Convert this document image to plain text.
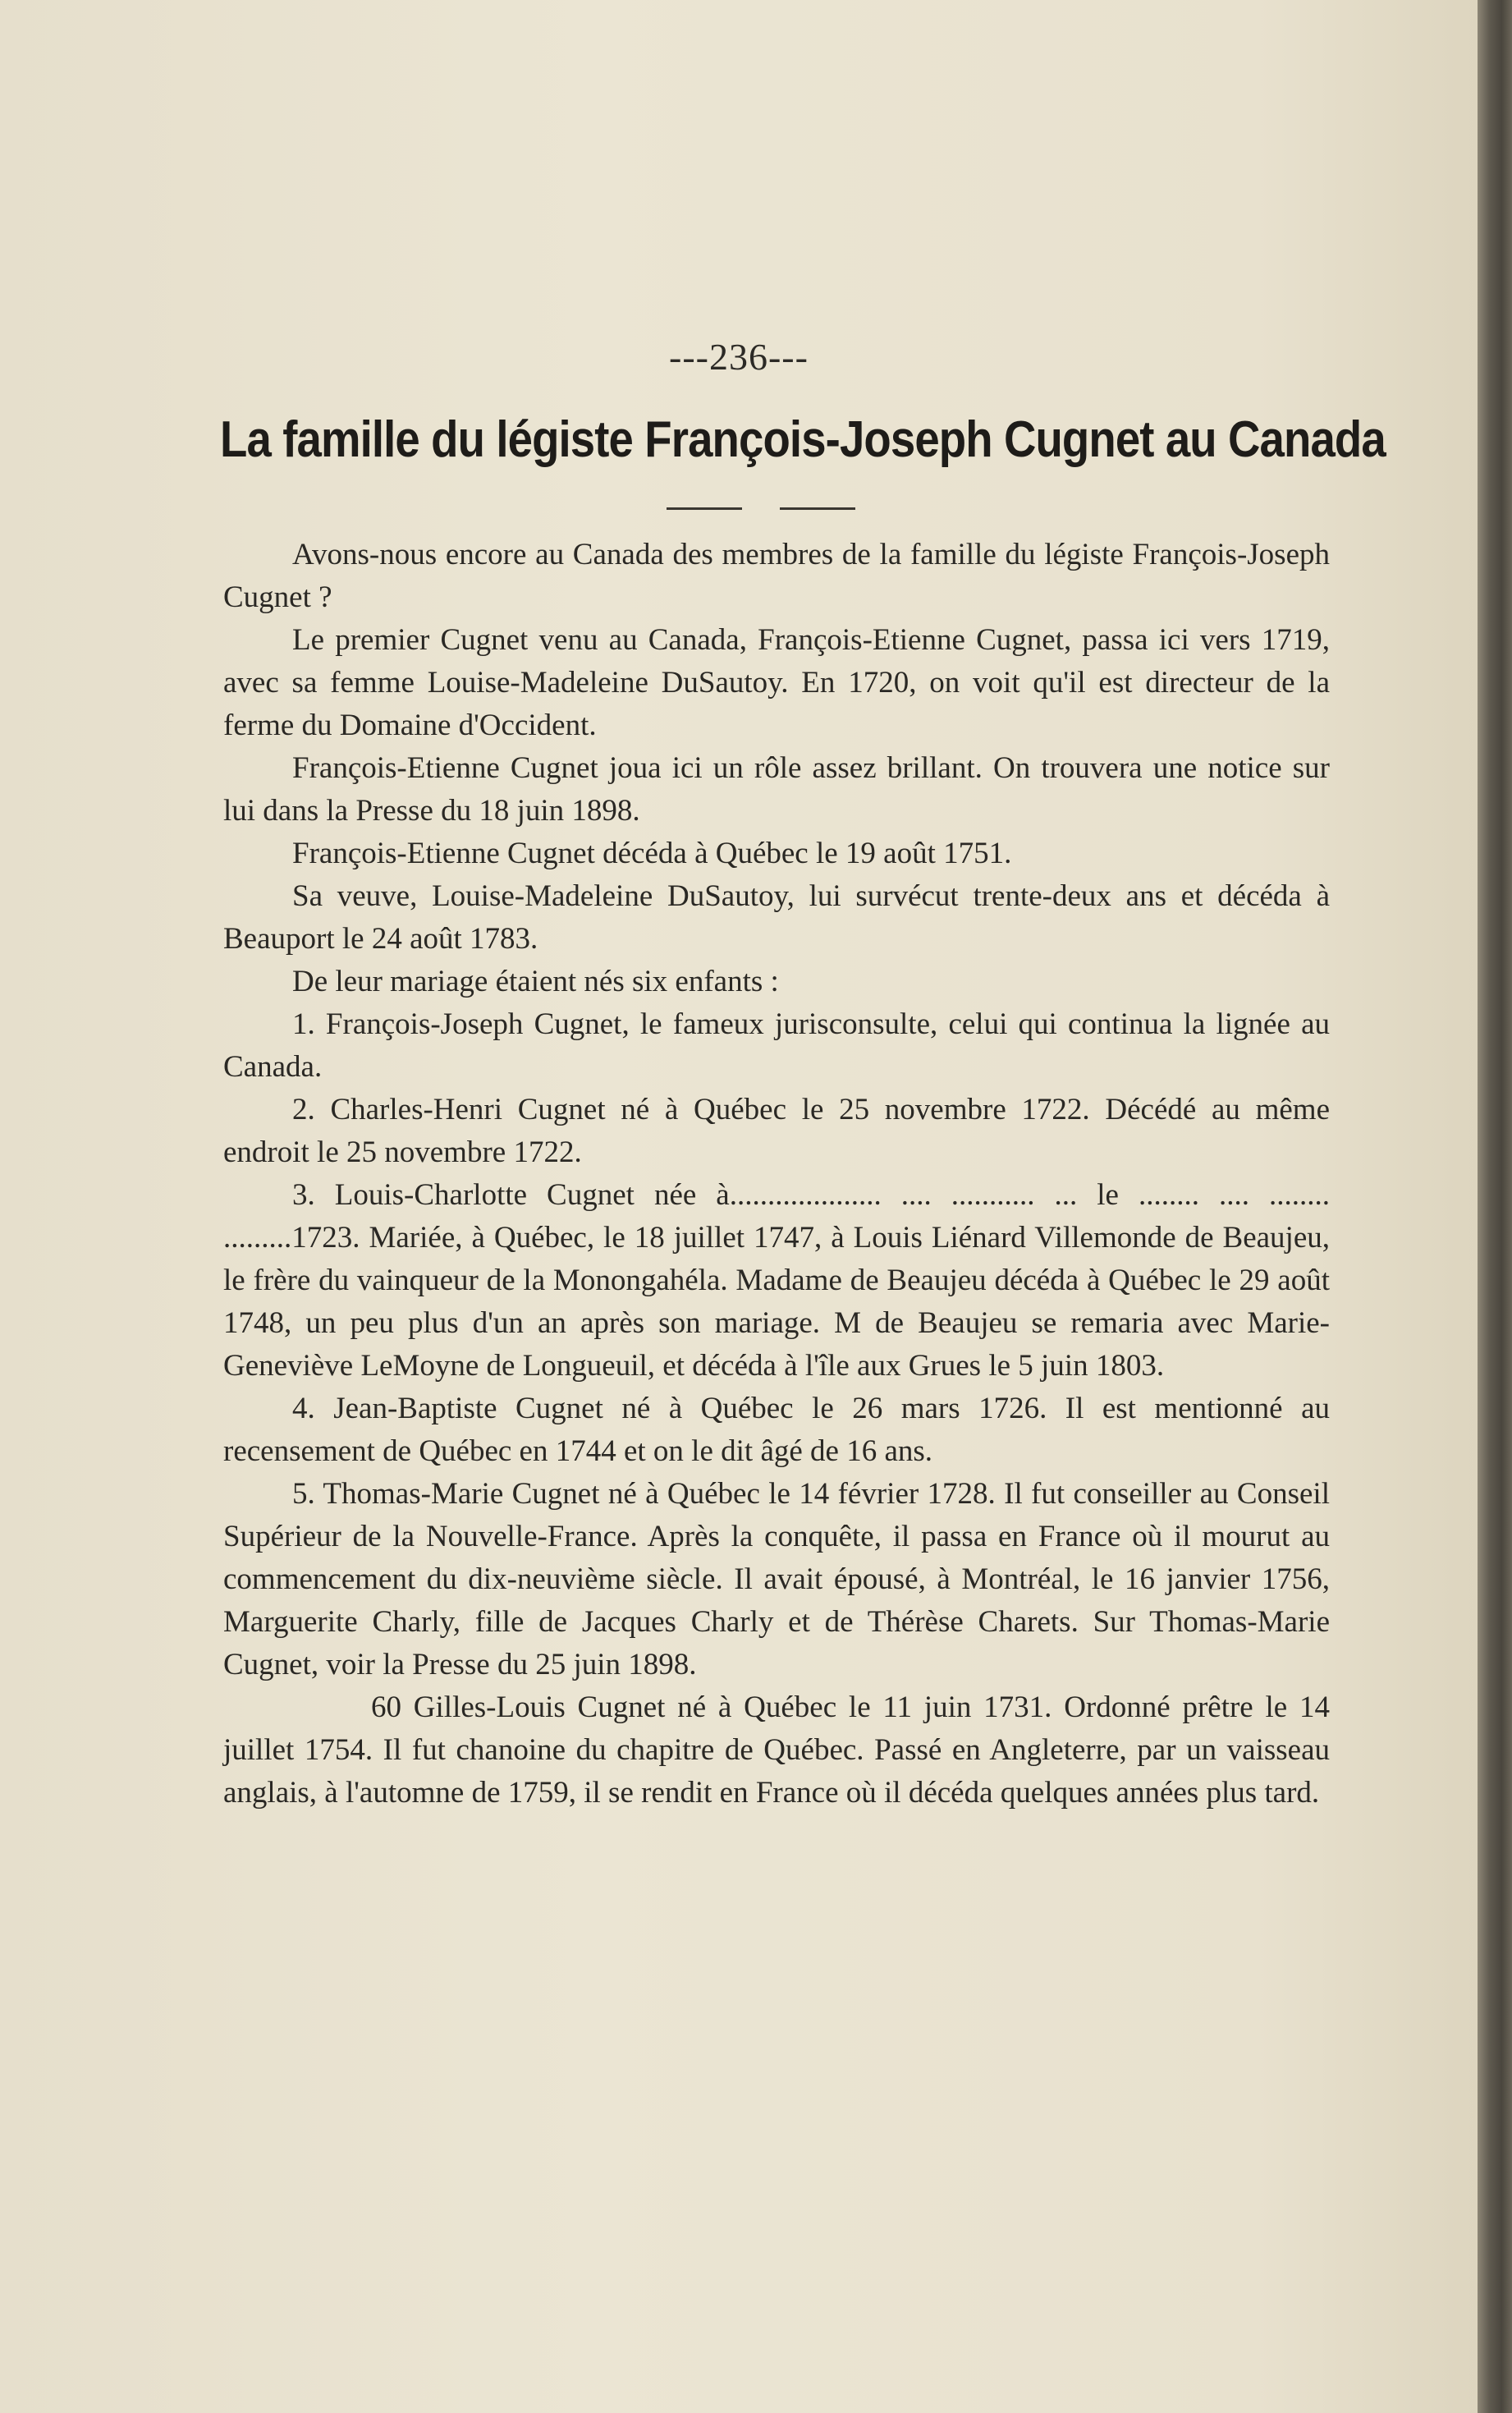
---236---
La famille du légiste François-Joseph Cugnet au Canada

Avons-nous encore au Canada des membres de la famille du légiste François-Joseph Cugnet ?

Le premier Cugnet venu au Canada, François-Etienne Cugnet, passa ici vers 1719, avec sa femme Louise-Madeleine DuSautoy. En 1720, on voit qu'il est directeur de la ferme du Domaine d'Occident.

François-Etienne Cugnet joua ici un rôle assez brillant. On trouvera une notice sur lui dans la Presse du 18 juin 1898.

François-Etienne Cugnet décéda à Québec le 19 août 1751.

Sa veuve, Louise-Madeleine DuSautoy, lui survécut trente-deux ans et décéda à Beauport le 24 août 1783.

De leur mariage étaient nés six enfants :

1. François-Joseph Cugnet, le fameux jurisconsulte, celui qui continua la lignée au Canada.

2. Charles-Henri Cugnet né à Québec le 25 novembre 1722. Décédé au même endroit le 25 novembre 1722.

3. Louis-Charlotte Cugnet née à.................... .... ........... ... le ........ .... ........ .........1723. Mariée, à Québec, le 18 juillet 1747, à Louis Liénard Villemonde de Beaujeu, le frère du vainqueur de la Monongahéla. Madame de Beaujeu décéda à Québec le 29 août 1748, un peu plus d'un an après son mariage. M de Beaujeu se remaria avec Marie-Geneviève LeMoyne de Longueuil, et décéda à l'île aux Grues le 5 juin 1803.

4. Jean-Baptiste Cugnet né à Québec le 26 mars 1726. Il est mentionné au recensement de Québec en 1744 et on le dit âgé de 16 ans.

5. Thomas-Marie Cugnet né à Québec le 14 février 1728. Il fut conseiller au Conseil Supérieur de la Nouvelle-France. Après la conquête, il passa en France où il mourut au commencement du dix-neuvième siècle. Il avait épousé, à Montréal, le 16 janvier 1756, Marguerite Charly, fille de Jacques Charly et de Thérèse Charets. Sur Thomas-Marie Cugnet, voir la Presse du 25 juin 1898.

60 Gilles-Louis Cugnet né à Québec le 11 juin 1731. Ordonné prêtre le 14 juillet 1754. Il fut chanoine du chapitre de Québec. Passé en Angleterre, par un vaisseau anglais, à l'automne de 1759, il se rendit en France où il décéda quelques années plus tard.
